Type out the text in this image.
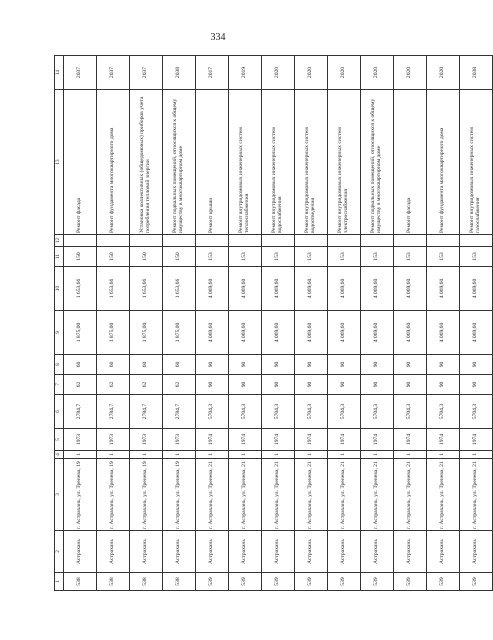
334
1	2	3	4	5	6	7	8	9	10	11	12	13	14
538	Астрахань	г. Астрахань, ул. Тренева, 19	1	1973	2784,7	62	60	1 875,00	1 653,66	150		Ремонт фасада	2037
538	Астрахань	г. Астрахань, ул. Тренева, 19	1	1973	2784,7	62	60	1 875,00	1 653,66	150		Ремонт фундамента многоквартирного дома	2037
538	Астрахань	г. Астрахань, ул. Тренева, 19	1	1973	2784,7	62	60	1 875,00	1 653,66	150		Установка коллективных (общедомовых) приборов учета потребления тепловой энергии	2037
538	Астрахань	г. Астрахань, ул. Тренева, 19	1	1973	2784,7	62	60	1 875,00	1 653,66	150		Ремонт подвальных помещений, относящихся к общему имуществу в многоквартирном доме	2038
539	Астрахань	г. Астрахань, ул. Тренева, 21	1	1974	5704,3	90	90	4 069,60	4 069,60	153		Ремонт крыши	2017
539	Астрахань	г. Астрахань, ул. Тренева, 21	1	1974	5704,3	90	90	4 069,60	4 069,60	153		Ремонт внутридомовых инженерных систем теплоснабжения	2019
539	Астрахань	г. Астрахань, ул. Тренева, 21	1	1974	5704,3	90	90	4 069,60	4 069,60	153		Ремонт внутридомовых инженерных систем водоснабжения	2020
539	Астрахань	г. Астрахань, ул. Тренева, 21	1	1974	5704,3	90	90	4 069,60	4 069,60	153		Ремонт внутридомовых инженерных систем водоотведения	2020
539	Астрахань	г. Астрахань, ул. Тренева, 21	1	1974	5704,3	90	90	4 069,60	4 069,60	153		Ремонт внутридомовых инженерных систем электроснабжения	2020
539	Астрахань	г. Астрахань, ул. Тренева, 21	1	1974	5704,3	90	90	4 069,60	4 069,60	153		Ремонт подвальных помещений, относящихся к общему имуществу в многоквартирном доме	2020
539	Астрахань	г. Астрахань, ул. Тренева, 21	1	1974	5704,3	90	90	4 069,60	4 069,60	153		Ремонт фасада	2020
539	Астрахань	г. Астрахань, ул. Тренева, 21	1	1974	5704,3	90	90	4 069,60	4 069,60	153		Ремонт фундамента многоквартирного дома	2020
539	Астрахань	г. Астрахань, ул. Тренева, 21	1	1974	5704,3	90	90	4 069,60	4 069,60	153		Ремонт внутридомовых инженерных систем газоснабжения	2038
